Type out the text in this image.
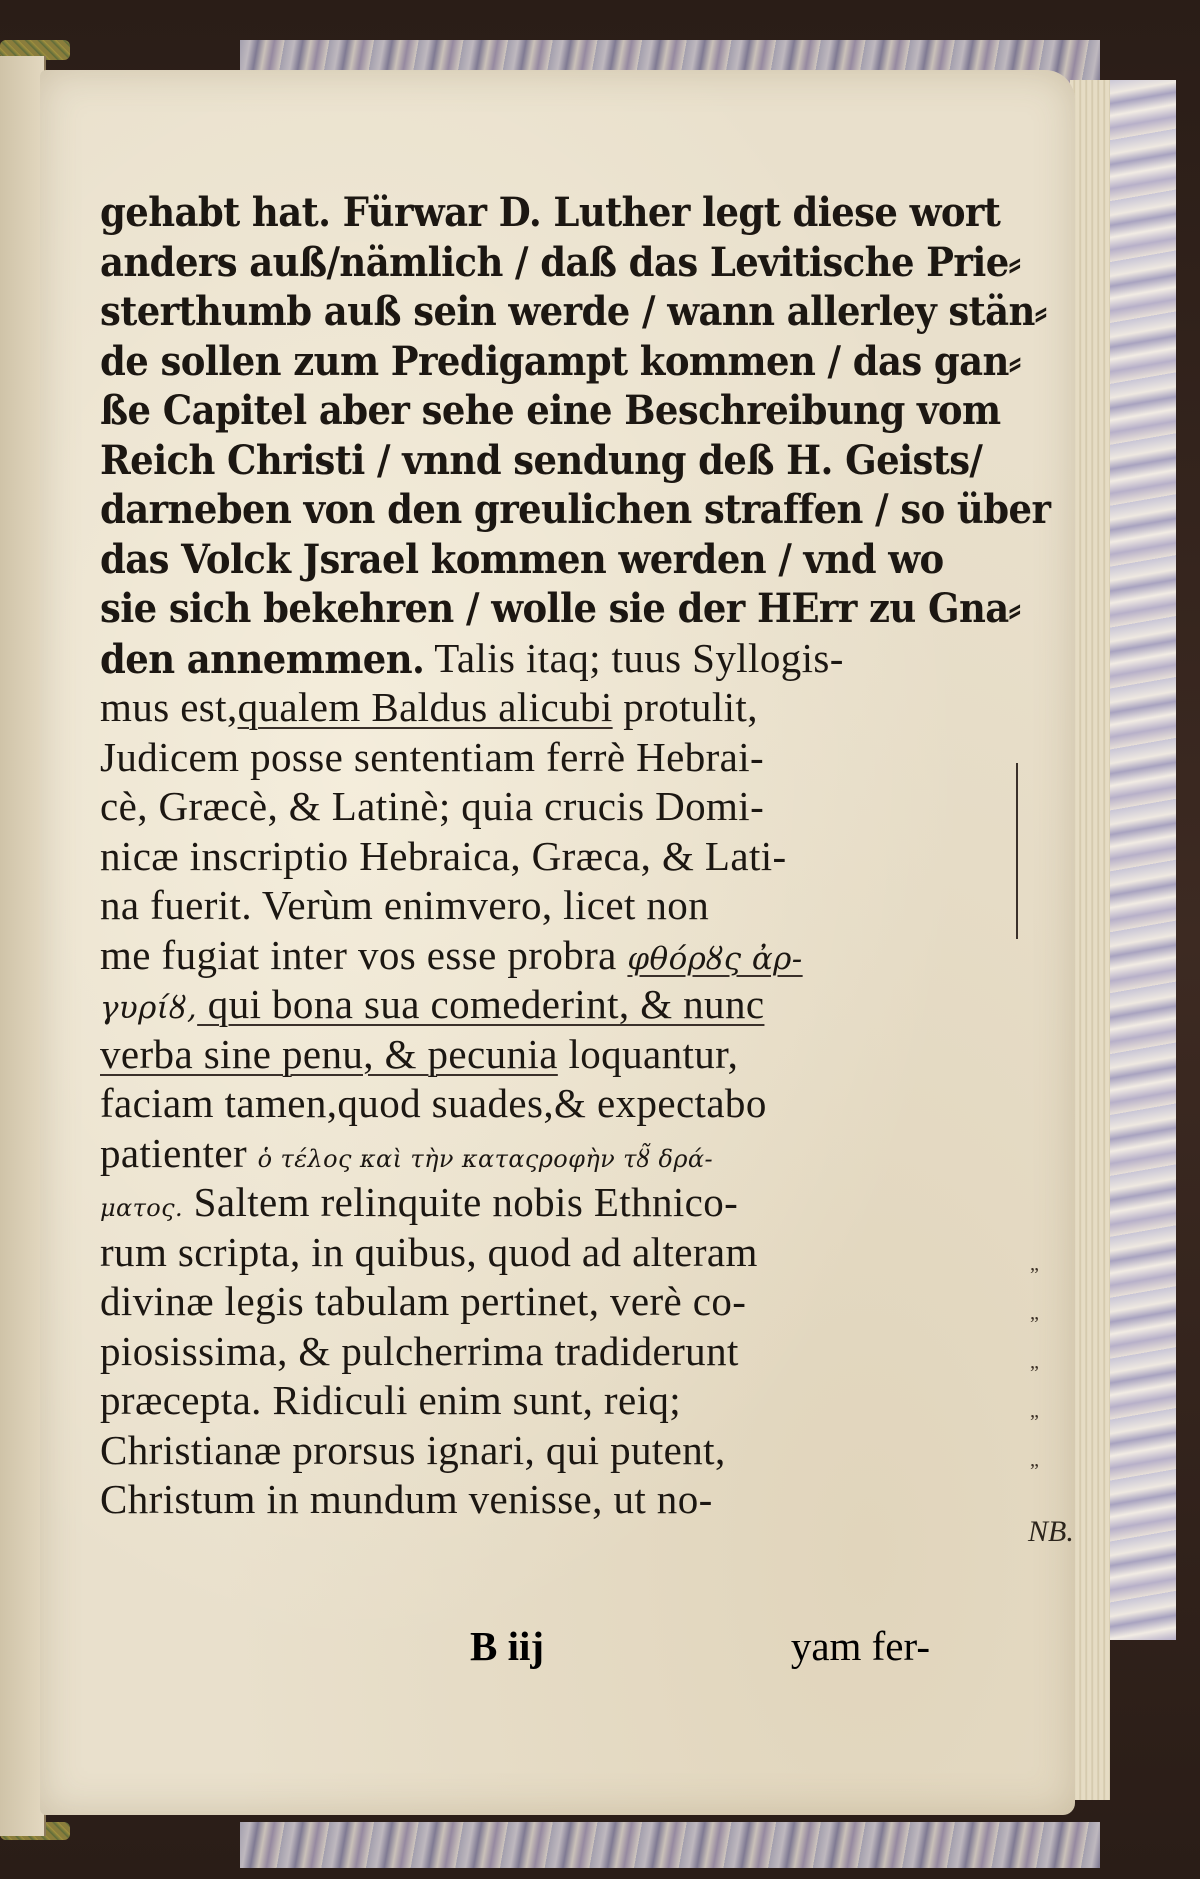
gehabt hat. Fürwar D. Luther legt diese wort
anders auß/nämlich / daß das Levitische Prie⸗
sterthumb auß sein werde / wann allerley stän⸗
de sollen zum Predigampt kommen / das gan⸗
ße Capitel aber sehe eine Beschreibung vom
Reich Christi / vnnd sendung deß H. Geists/
darneben von den greulichen straffen / so über
das Volck Jsrael kommen werden / vnd wo
sie sich bekehren / wolle sie der HErr zu Gna⸗
den annemmen. Talis itaq; tuus Syllogis-
mus est,qualem Baldus alicubi protulit,
Judicem posse sententiam ferrè Hebrai-
cè, Græcè, & Latinè; quia crucis Domi-
nicæ inscriptio Hebraica, Græca, & Lati-
na fuerit. Verùm enimvero, licet non
me fugiat inter vos esse probra φθόρȣς ἀρ-
γυρίȣ, qui bona sua comederint, & nunc
verba sine penu, & pecunia loquantur,
faciam tamen,quod suades,& expectabo
patienter ὁ τέλος καὶ τὴν καταςροφὴν τȣ̃ δρά-
ματος. Saltem relinquite nobis Ethnico-
rum scripta, in quibus, quod ad alteram
divinæ legis tabulam pertinet, verè co-
piosissima, & pulcherrima tradiderunt
præcepta. Ridiculi enim sunt, reiq;
Christianæ prorsus ignari, qui putent,
Christum in mundum venisse, ut no-
B iij	yam fer-
„
„
„
„
„
NB.
